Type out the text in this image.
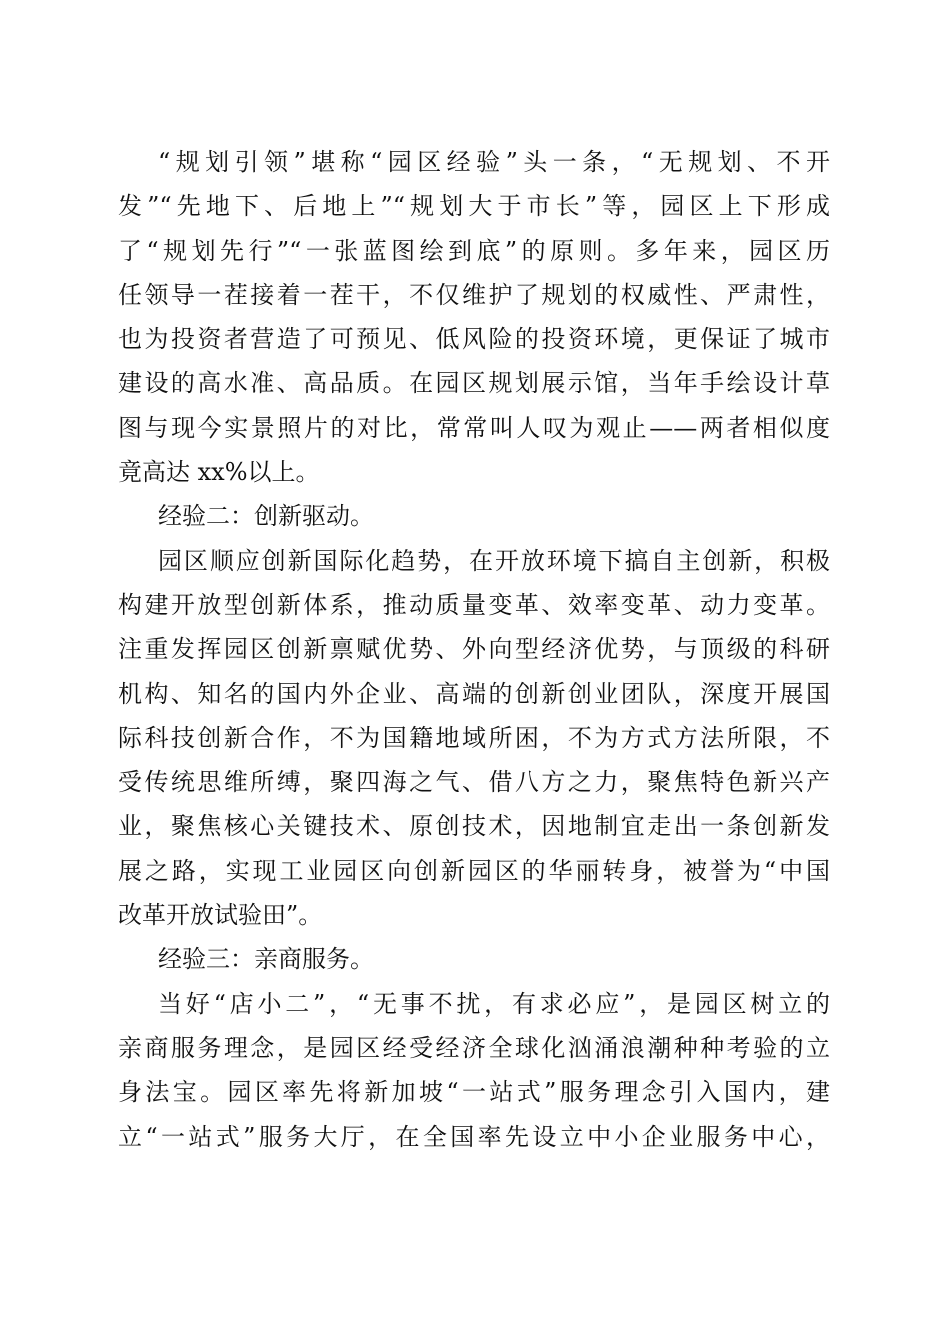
“规划引领”堪称“园区经验”头一条，“无规划、不开
发”“先地下、后地上”“规划大于市长”等，园区上下形成
了“规划先行”“一张蓝图绘到底”的原则。多年来，园区历
任领导一茬接着一茬干，不仅维护了规划的权威性、严肃性，
也为投资者营造了可预见、低风险的投资环境，更保证了城市
建设的高水准、高品质。在园区规划展示馆，当年手绘设计草
图与现今实景照片的对比，常常叫人叹为观止——两者相似度
竟高达 xx%以上。
经验二：创新驱动。
园区顺应创新国际化趋势，在开放环境下搞自主创新，积极
构建开放型创新体系，推动质量变革、效率变革、动力变革。
注重发挥园区创新禀赋优势、外向型经济优势，与顶级的科研
机构、知名的国内外企业、高端的创新创业团队，深度开展国
际科技创新合作，不为国籍地域所困，不为方式方法所限，不
受传统思维所缚，聚四海之气、借八方之力，聚焦特色新兴产
业，聚焦核心关键技术、原创技术，因地制宜走出一条创新发
展之路，实现工业园区向创新园区的华丽转身，被誉为“中国
改革开放试验田”。
经验三：亲商服务。
当好“店小二”，“无事不扰，有求必应”，是园区树立的
亲商服务理念，是园区经受经济全球化汹涌浪潮种种考验的立
身法宝。园区率先将新加坡“一站式”服务理念引入国内，建
立“一站式”服务大厅，在全国率先设立中小企业服务中心，
